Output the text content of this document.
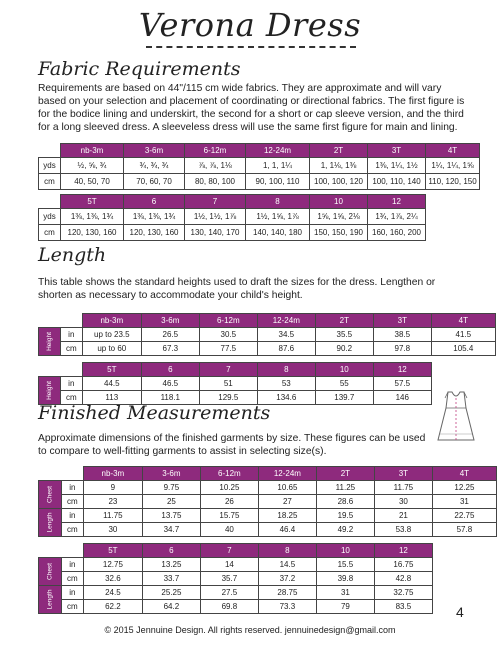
Verona Dress
Fabric Requirements
Requirements are based on 44"/115 cm wide fabrics. They are approximate and will vary based on your selection and placement of coordinating or directional fabrics. The first figure is for the bodice lining and underskirt, the second for a short or cap sleeve version, and the third for a long sleeved dress. A sleeveless dress will use the same first figure for main and lining.
	nb-3m	3-6m	6-12m	12-24m	2T	3T	4T
yds	½, ⅝, ¾	¾, ¾, ¾	⅞, ⅞, 1⅛	1, 1, 1¼	1, 1⅛, 1⅜	1⅜, 1¼, 1½	1¼, 1¼, 1⅝
cm	40, 50, 70	70, 60, 70	80, 80, 100	90, 100, 110	100, 100, 120	100, 110, 140	110, 120, 150
	5T	6	7	8	10	12
yds	1⅜, 1⅜, 1¾	1⅜, 1⅜, 1¾	1½, 1½, 1⅞	1½, 1⅝, 1⅞	1⅝, 1⅝, 2⅛	1¾, 1⅞, 2¼
cm	120, 130, 160	120, 130, 160	130, 140, 170	140, 140, 180	150, 150, 190	160, 160, 200
Length
This table shows the standard heights used to draft the sizes for the dress. Lengthen or shorten as necessary to accommodate your child's height.
		nb-3m	3-6m	6-12m	12-24m	2T	3T	4T

Height	in	up to 23.5	26.5	30.5	34.5	35.5	38.5	41.5
	cm	up to 60	67.3	77.5	87.6	90.2	97.8	105.4
		5T	6	7	8	10	12

Height	in	44.5	46.5	51	53	55	57.5
	cm	113	118.1	129.5	134.6	139.7	146
Finished Measurements
Approximate dimensions of the finished garments by size. These figures can be used to compare to well-fitting garments to assist in selecting size(s).
		nb-3m	3-6m	6-12m	12-24m	2T	3T	4T

Chest	in	9	9.75	10.25	10.65	11.25	11.75	12.25
	cm	23	25	26	27	28.6	30	31

Length	in	11.75	13.75	15.75	18.25	19.5	21	22.75
	cm	30	34.7	40	46.4	49.2	53.8	57.8
		5T	6	7	8	10	12

Chest	in	12.75	13.25	14	14.5	15.5	16.75
	cm	32.6	33.7	35.7	37.2	39.8	42.8

Length	in	24.5	25.25	27.5	28.75	31	32.75
	cm	62.2	64.2	69.8	73.3	79	83.5	4
© 2015 Jennuine Design. All rights reserved. jennuinedesign@gmail.com
